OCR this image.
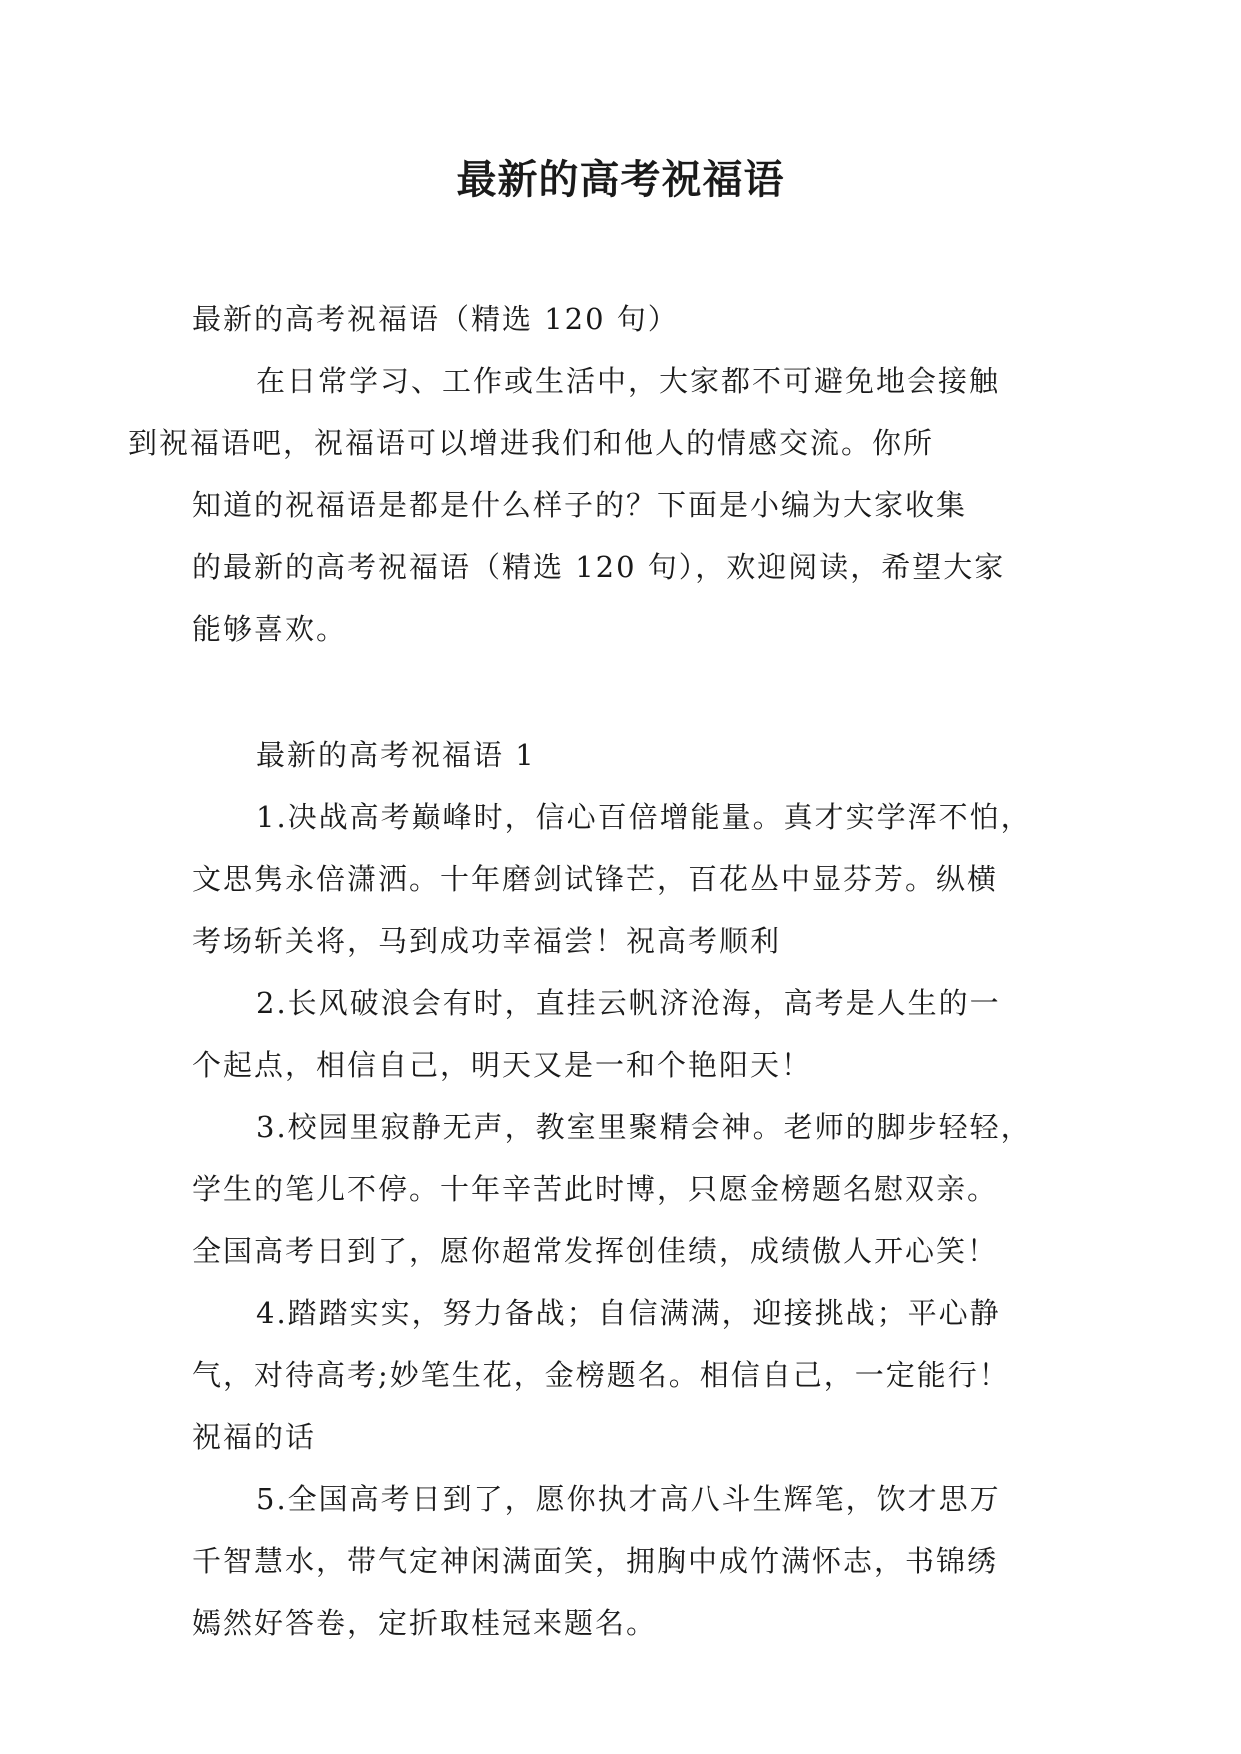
最新的高考祝福语

最新的高考祝福语（精选 120 句）

在日常学习、工作或生活中，大家都不可避免地会接触
到祝福语吧，祝福语可以增进我们和他人的情感交流。你所
知道的祝福语是都是什么样子的？下面是小编为大家收集
的最新的高考祝福语（精选 120 句），欢迎阅读，希望大家
能够喜欢。

最新的高考祝福语 1

1.决战高考巅峰时，信心百倍增能量。真才实学浑不怕，
文思隽永倍潇洒。十年磨剑试锋芒，百花丛中显芬芳。纵横
考场斩关将，马到成功幸福尝！祝高考顺利

2.长风破浪会有时，直挂云帆济沧海，高考是人生的一
个起点，相信自己，明天又是一和个艳阳天！

3.校园里寂静无声，教室里聚精会神。老师的脚步轻轻，
学生的笔儿不停。十年辛苦此时博，只愿金榜题名慰双亲。
全国高考日到了，愿你超常发挥创佳绩，成绩傲人开心笑！

4.踏踏实实，努力备战；自信满满，迎接挑战；平心静
气，对待高考;妙笔生花，金榜题名。相信自己，一定能行！
祝福的话

5.全国高考日到了，愿你执才高八斗生辉笔，饮才思万
千智慧水，带气定神闲满面笑，拥胸中成竹满怀志，书锦绣
嫣然好答卷，定折取桂冠来题名。
